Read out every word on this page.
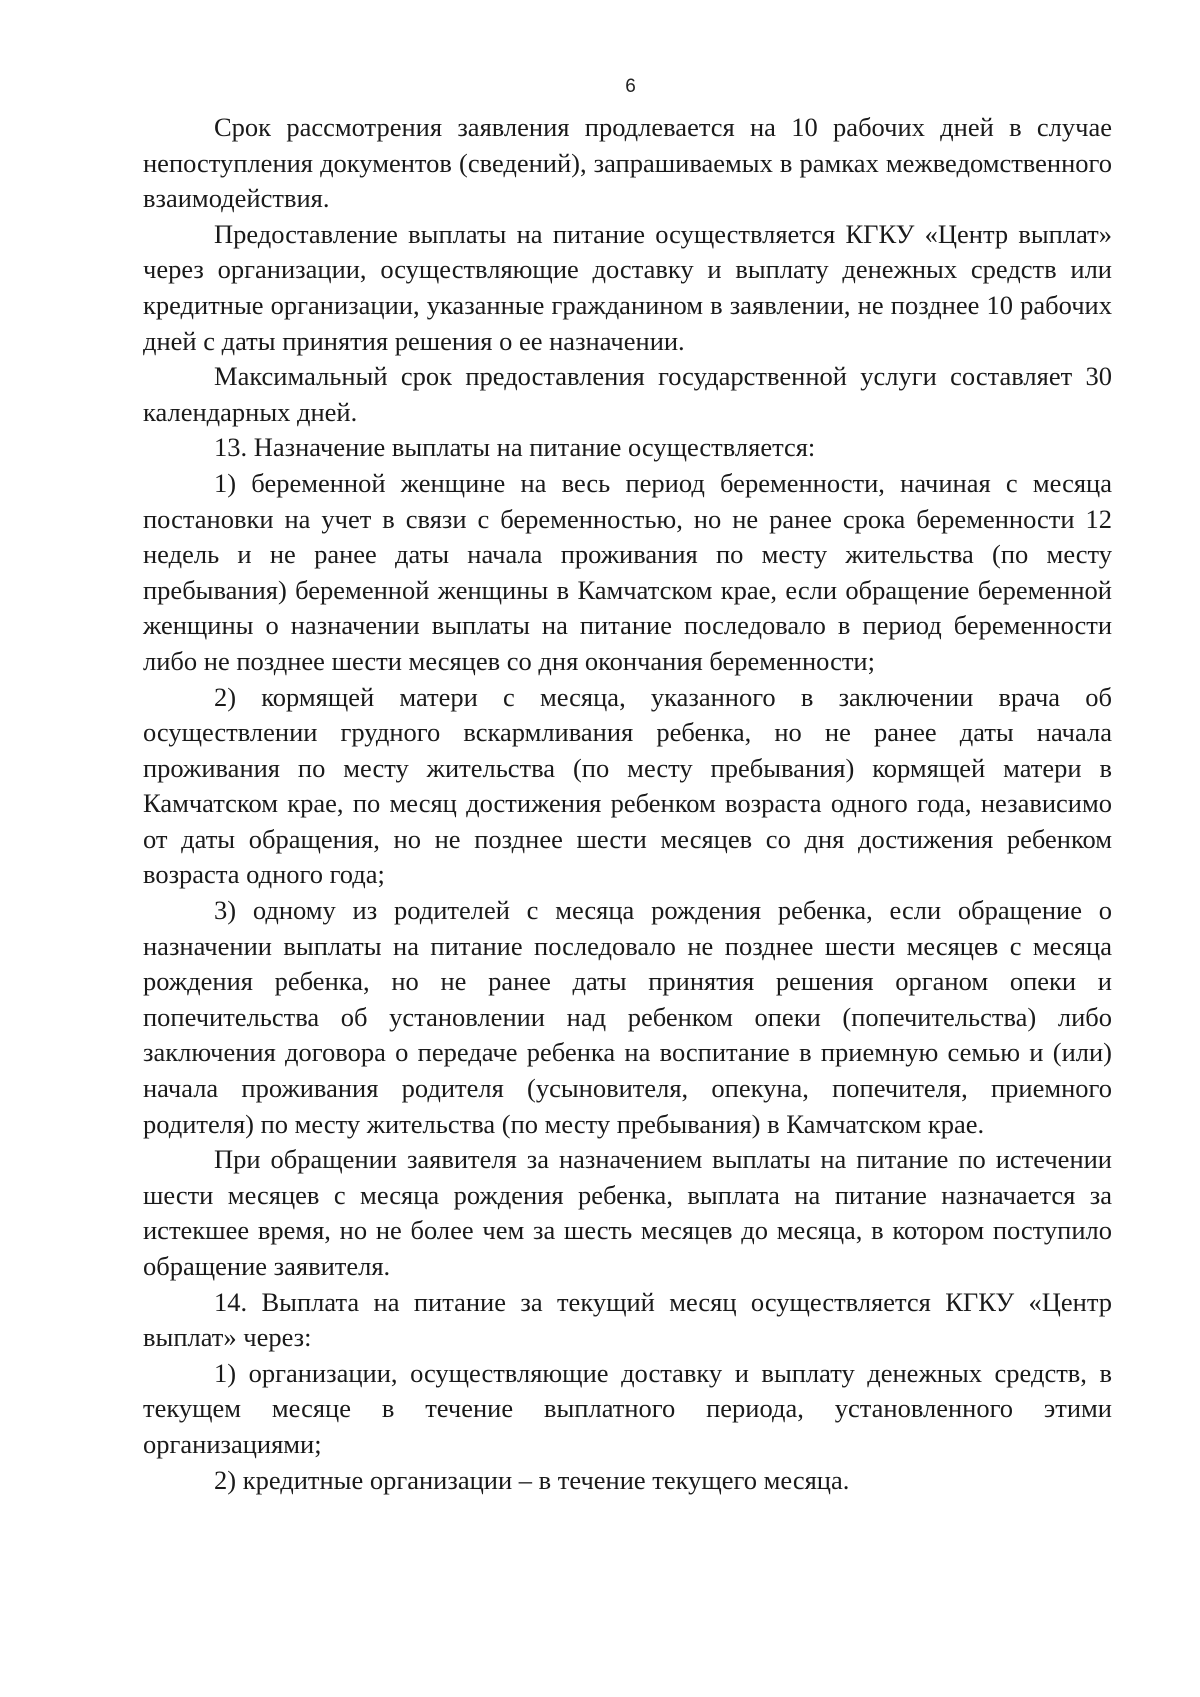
6

Срок рассмотрения заявления продлевается на 10 рабочих дней в случае непоступления документов (сведений), запрашиваемых в рамках межведомственного взаимодействия.

Предоставление выплаты на питание осуществляется КГКУ «Центр выплат» через организации, осуществляющие доставку и выплату денежных средств или кредитные организации, указанные гражданином в заявлении, не позднее 10 рабочих дней с даты принятия решения о ее назначении.

Максимальный срок предоставления государственной услуги составляет 30 календарных дней.

13. Назначение выплаты на питание осуществляется:

1) беременной женщине на весь период беременности, начиная с месяца постановки на учет в связи с беременностью, но не ранее срока беременности 12 недель и не ранее даты начала проживания по месту жительства (по месту пребывания) беременной женщины в Камчатском крае, если обращение беременной женщины о назначении выплаты на питание последовало в период беременности либо не позднее шести месяцев со дня окончания беременности;

2) кормящей матери с месяца, указанного в заключении врача об осуществлении грудного вскармливания ребенка, но не ранее даты начала проживания по месту жительства (по месту пребывания) кормящей матери в Камчатском крае, по месяц достижения ребенком возраста одного года, независимо от даты обращения, но не позднее шести месяцев со дня достижения ребенком возраста одного года;

3) одному из родителей с месяца рождения ребенка, если обращение о назначении выплаты на питание последовало не позднее шести месяцев с месяца рождения ребенка, но не ранее даты принятия решения органом опеки и попечительства об установлении над ребенком опеки (попечительства) либо заключения договора о передаче ребенка на воспитание в приемную семью и (или) начала проживания родителя (усыновителя, опекуна, попечителя, приемного родителя) по месту жительства (по месту пребывания) в Камчатском крае.

При обращении заявителя за назначением выплаты на питание по истечении шести месяцев с месяца рождения ребенка, выплата на питание назначается за истекшее время, но не более чем за шесть месяцев до месяца, в котором поступило обращение заявителя.

14. Выплата на питание за текущий месяц осуществляется КГКУ «Центр выплат» через:

1) организации, осуществляющие доставку и выплату денежных средств, в текущем месяце в течение выплатного периода, установленного этими организациями;

2) кредитные организации – в течение текущего месяца.
